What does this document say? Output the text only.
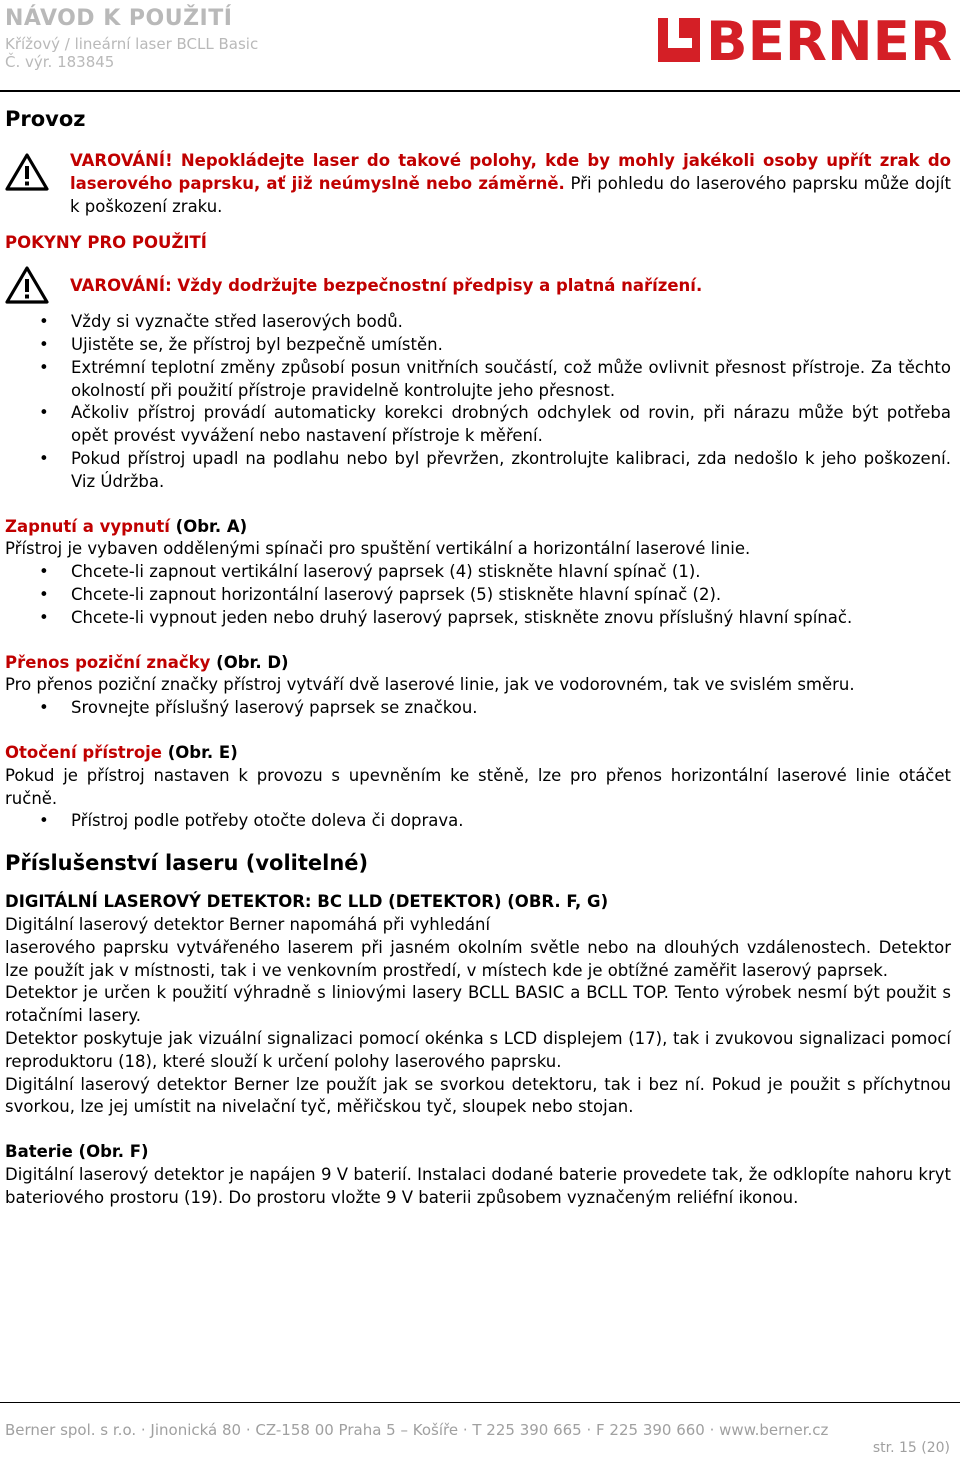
NÁVOD K POUŽITÍ
Křížový / lineární laser BCLL Basic
Č. výr. 183845	BERNER
Provoz

VAROVÁNÍ! Nepokládejte laser do takové polohy, kde by mohly jakékoli osoby upřít zrak do laserového paprsku, ať již neúmyslně nebo záměrně. Při pohledu do laserového paprsku může dojít k poškození zraku.

POKYNY PRO POUŽITÍ

VAROVÁNÍ: Vždy dodržujte bezpečnostní předpisy a platná nařízení.

• Vždy si vyznačte střed laserových bodů.
• Ujistěte se, že přístroj byl bezpečně umístěn.
• Extrémní teplotní změny způsobí posun vnitřních součástí, což může ovlivnit přesnost přístroje. Za těchto okolností při použití přístroje pravidelně kontrolujte jeho přesnost.
• Ačkoliv přístroj provádí automaticky korekci drobných odchylek od rovin, při nárazu může být potřeba opět provést vyvážení nebo nastavení přístroje k měření.
• Pokud přístroj upadl na podlahu nebo byl převržen, zkontrolujte kalibraci, zda nedošlo k jeho poškození. Viz Údržba.
Zapnutí a vypnutí (Obr. A)

Přístroj je vybaven oddělenými spínači pro spuštění vertikální a horizontální laserové linie.

• Chcete-li zapnout vertikální laserový paprsek (4) stiskněte hlavní spínač (1).
• Chcete-li zapnout horizontální laserový paprsek (5) stiskněte hlavní spínač (2).
• Chcete-li vypnout jeden nebo druhý laserový paprsek, stiskněte znovu příslušný hlavní spínač.
Přenos poziční značky (Obr. D)

Pro přenos poziční značky přístroj vytváří dvě laserové linie, jak ve vodorovném, tak ve svislém směru.

• Srovnejte příslušný laserový paprsek se značkou.
Otočení přístroje (Obr. E)

Pokud je přístroj nastaven k provozu s upevněním ke stěně, lze pro přenos horizontální laserové linie otáčet ručně.

• Přístroj podle potřeby otočte doleva či doprava.
Příslušenství laseru (volitelné)
DIGITÁLNÍ LASEROVÝ DETEKTOR: BC LLD (DETEKTOR) (OBR. F, G)

Digitální laserový detektor Berner napomáhá při vyhledání

laserového paprsku vytvářeného laserem při jasném okolním světle nebo na dlouhých vzdálenostech. Detektor lze použít jak v místnosti, tak i ve venkovním prostředí, v místech kde je obtížné zaměřit laserový paprsek.

Detektor je určen k použití výhradně s liniovými lasery BCLL BASIC a BCLL TOP. Tento výrobek nesmí být použit s rotačními lasery.

Detektor poskytuje jak vizuální signalizaci pomocí okénka s LCD displejem (17), tak i zvukovou signalizaci pomocí reproduktoru (18), které slouží k určení polohy laserového paprsku.

Digitální laserový detektor Berner lze použít jak se svorkou detektoru, tak i bez ní. Pokud je použit s příchytnou svorkou, lze jej umístit na nivelační tyč, měřičskou tyč, sloupek nebo stojan.

Baterie (Obr. F)

Digitální laserový detektor je napájen 9 V baterií. Instalaci dodané baterie provedete tak, že odklopíte nahoru kryt bateriového prostoru (19). Do prostoru vložte 9 V baterii způsobem vyznačeným reliéfní ikonou.

Berner spol. s r.o. · Jinonická 80 · CZ-158 00 Praha 5 – Košíře · T 225 390 665 · F 225 390 660 · www.berner.cz
str. 15 (20)
